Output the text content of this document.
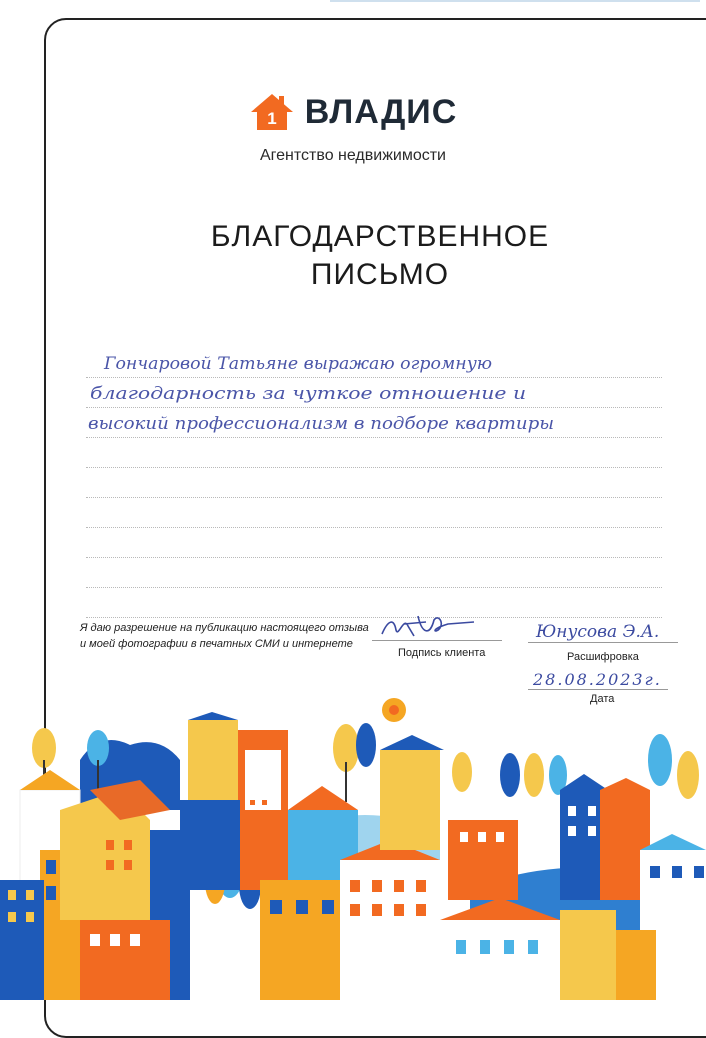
1 ВЛАДИС
Агентство недвижимости
БЛАГОДАРСТВЕННОЕ
ПИСЬМО
Гончаровой Татьяне выражаю огромную
благодарность за чуткое отношение и
высокий профессионализм в подборе квартиры
Я даю разрешение на публикацию настоящего отзыва
и моей фотографии в печатных СМИ и интернете
Подпись клиента
Юнусова Э.А.
Расшифровка
28.08.2023г.
Дата
